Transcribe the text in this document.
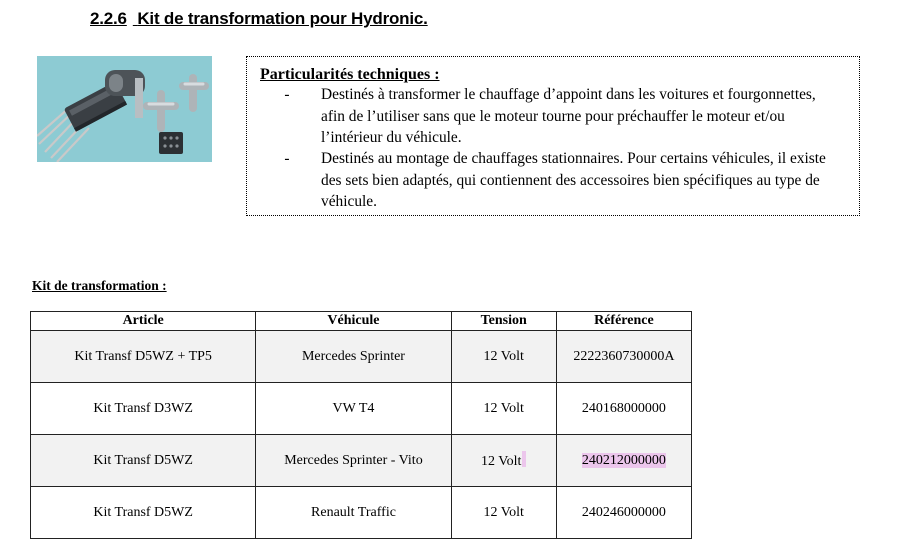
2.2.6 Kit de transformation pour Hydronic.
Particularités techniques :
-	Destinés à transformer le chauffage d’appoint dans les voitures et fourgonnettes, afin de l’utiliser sans que le moteur tourne pour préchauffer le moteur et/ou l’intérieur du véhicule.
-	Destinés au montage de chauffages stationnaires. Pour certains véhicules, il existe des sets bien adaptés, qui contiennent des accessoires bien spécifiques au type de véhicule.
Kit de transformation :
Article	Véhicule	Tension	Référence
Kit Transf D5WZ + TP5	Mercedes Sprinter	12 Volt	2222360730000A
Kit Transf D3WZ	VW T4	12 Volt	240168000000
Kit Transf D5WZ	Mercedes Sprinter - Vito	12 Volt	240212000000
Kit Transf D5WZ	Renault Traffic	12 Volt	240246000000
